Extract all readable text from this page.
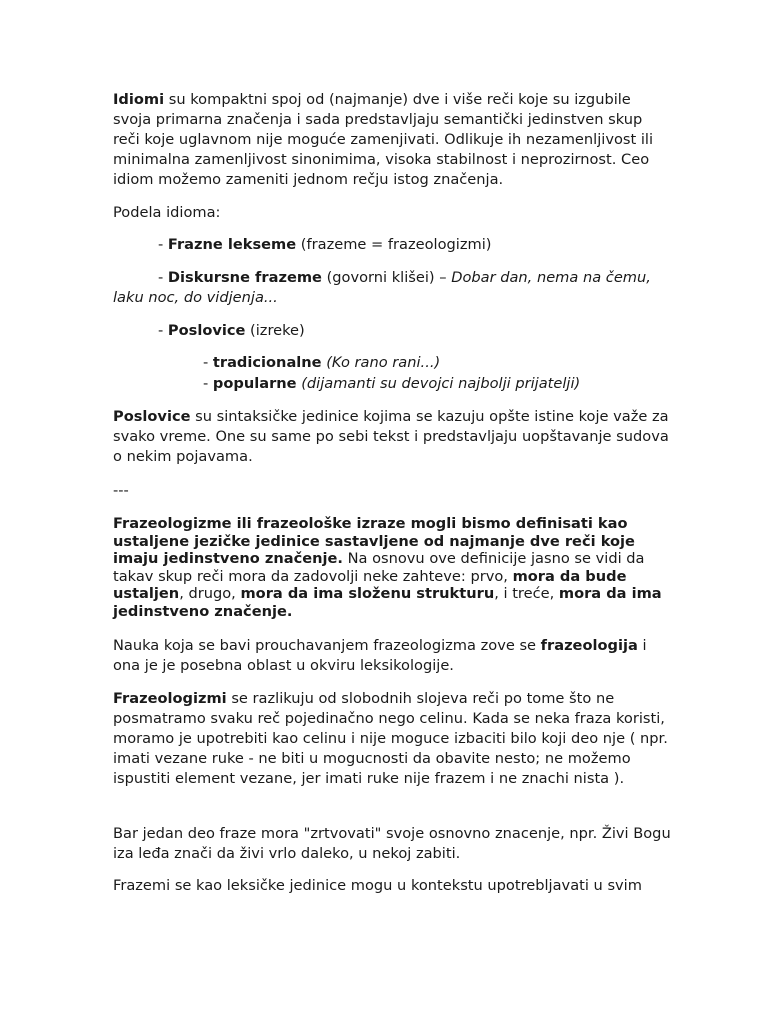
Idiomi su kompaktni spoj od (najmanje) dve i više reči koje su izgubile svoja primarna značenja i sada predstavljaju semantički jedinstven skup reči koje uglavnom nije moguće zamenjivati. Odlikuje ih nezamenljivost ili minimalna zamenljivost sinonimima, visoka stabilnost i neprozirnost. Ceo idiom možemo zameniti jednom rečju istog značenja.

Podela idioma:

- Frazne lekseme (frazeme = frazeologizmi)

- Diskursne frazeme (govorni klišei) – Dobar dan, nema na čemu, laku noc, do vidjenja...

- Poslovice (izreke)

- tradicionalne (Ko rano rani...)

- popularne (dijamanti su devojci najbolji prijatelji)

Poslovice su sintaksičke jedinice kojima se kazuju opšte istine koje važe za svako vreme. One su same po sebi tekst i predstavljaju uopštavanje sudova o nekim pojavama.

---

Frazeologizme ili frazeološke izraze mogli bismo definisati kao ustaljene jezičke jedinice sastavljene od najmanje dve reči koje imaju jedinstveno značenje. Na osnovu ove definicije jasno se vidi da takav skup reči mora da zadovolji neke zahteve: prvo, mora da bude ustaljen, drugo, mora da ima složenu strukturu, i treće, mora da ima jedinstveno značenje.

Nauka koja se bavi prouchavanjem frazeologizma zove se frazeologija i ona je je posebna oblast u okviru leksikologije.

Frazeologizmi se razlikuju od slobodnih slojeva reči po tome što ne posmatramo svaku reč pojedinačno nego celinu. Kada se neka fraza koristi, moramo je upotrebiti kao celinu i nije moguce izbaciti bilo koji deo nje ( npr. imati vezane ruke - ne biti u mogucnosti da obavite nesto; ne možemo ispustiti element vezane, jer imati ruke nije frazem i ne znachi nista ).

Bar jedan deo fraze mora "zrtvovati" svoje osnovno znacenje, npr. Živi Bogu iza leđa znači da živi vrlo daleko, u nekoj zabiti.

Frazemi se kao leksičke jedinice mogu u kontekstu upotrebljavati u svim
